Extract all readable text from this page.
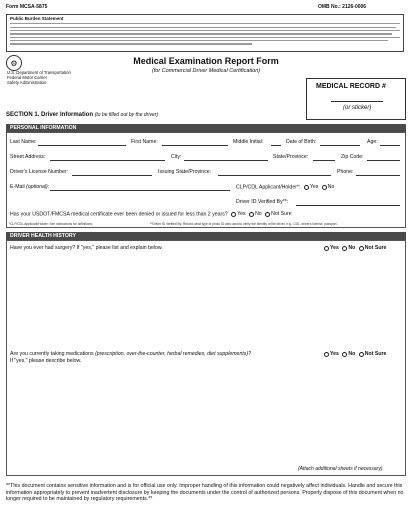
Form MCSA-5875	OMB No.: 2126-0006
Public Burden Statement
⚙
U.S. Department of Transportation
Federal Motor Carrier
Safety Administration
Medical Examination Report Form
(for Commercial Driver Medical Certification)
MEDICAL RECORD #
(or sticker)
SECTION 1. Driver Information (to be filled out by the driver)
PERSONAL INFORMATION
Last Name:	First Name:	Middle Initial:	Date of Birth:	Age:
Street Address:	City:	State/Province:	Zip Code:
Driver's License Number:	Issuing State/Province:	Phone:
E-Mail (optional):	CLP/CDL Applicant/Holder*: Yes No
Driver ID Verified By**:
Has your USDOT/FMCSA medical certificate ever been denied or issued for less than 2 years? Yes No Not Sure
*CLP/CDL Applicant/Holder: See instructions for definitions.	**Driver ID Verified By: Record what type of photo ID was used to verify the identity of the driver, e.g., CDL, driver's license, passport.
DRIVER HEALTH HISTORY
Have you ever had surgery? If "yes," please list and explain below.	Yes No Not Sure
Are you currently taking medications (prescription, over-the-counter, herbal remedies, diet supplements)?	Yes No Not Sure
If "yes," please describe below.
(Attach additional sheets if necessary)
**This document contains sensitive information and is for official use only. Improper handling of this information could negatively affect individuals. Handle and secure this information appropriately to prevent inadvertent disclosure by keeping the documents under the control of authorized persons. Properly dispose of this document when no longer required to be maintained by regulatory requirements.**
